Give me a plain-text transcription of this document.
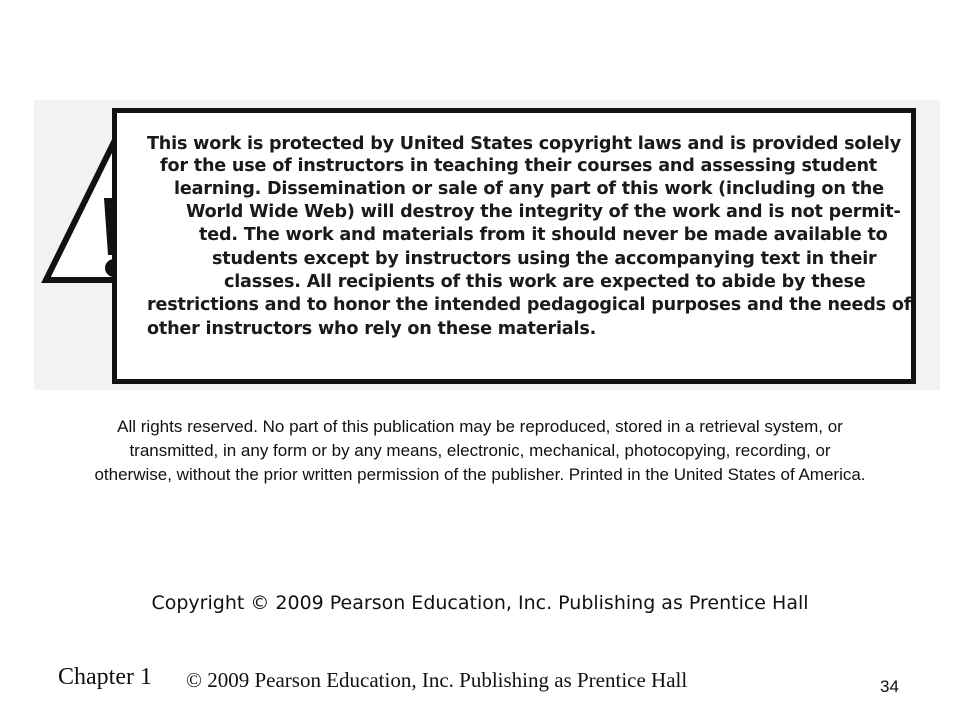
This work is protected by United States copyright laws and is provided solely

for the use of instructors in teaching their courses and assessing student

learning. Dissemination or sale of any part of this work (including on the

World Wide Web) will destroy the integrity of the work and is not permit-

ted. The work and materials from it should never be made available to

students except by instructors using the accompanying text in their

classes. All recipients of this work are expected to abide by these

restrictions and to honor the intended pedagogical purposes and the needs of

other instructors who rely on these materials.

All rights reserved. No part of this publication may be reproduced, stored in a retrieval system, or transmitted, in any form or by any means, electronic, mechanical, photocopying, recording, or otherwise, without the prior written permission of the publisher. Printed in the United States of America.

Copyright © 2009 Pearson Education, Inc. Publishing as Prentice Hall
Chapter 1 © 2009 Pearson Education, Inc. Publishing as Prentice Hall	34
